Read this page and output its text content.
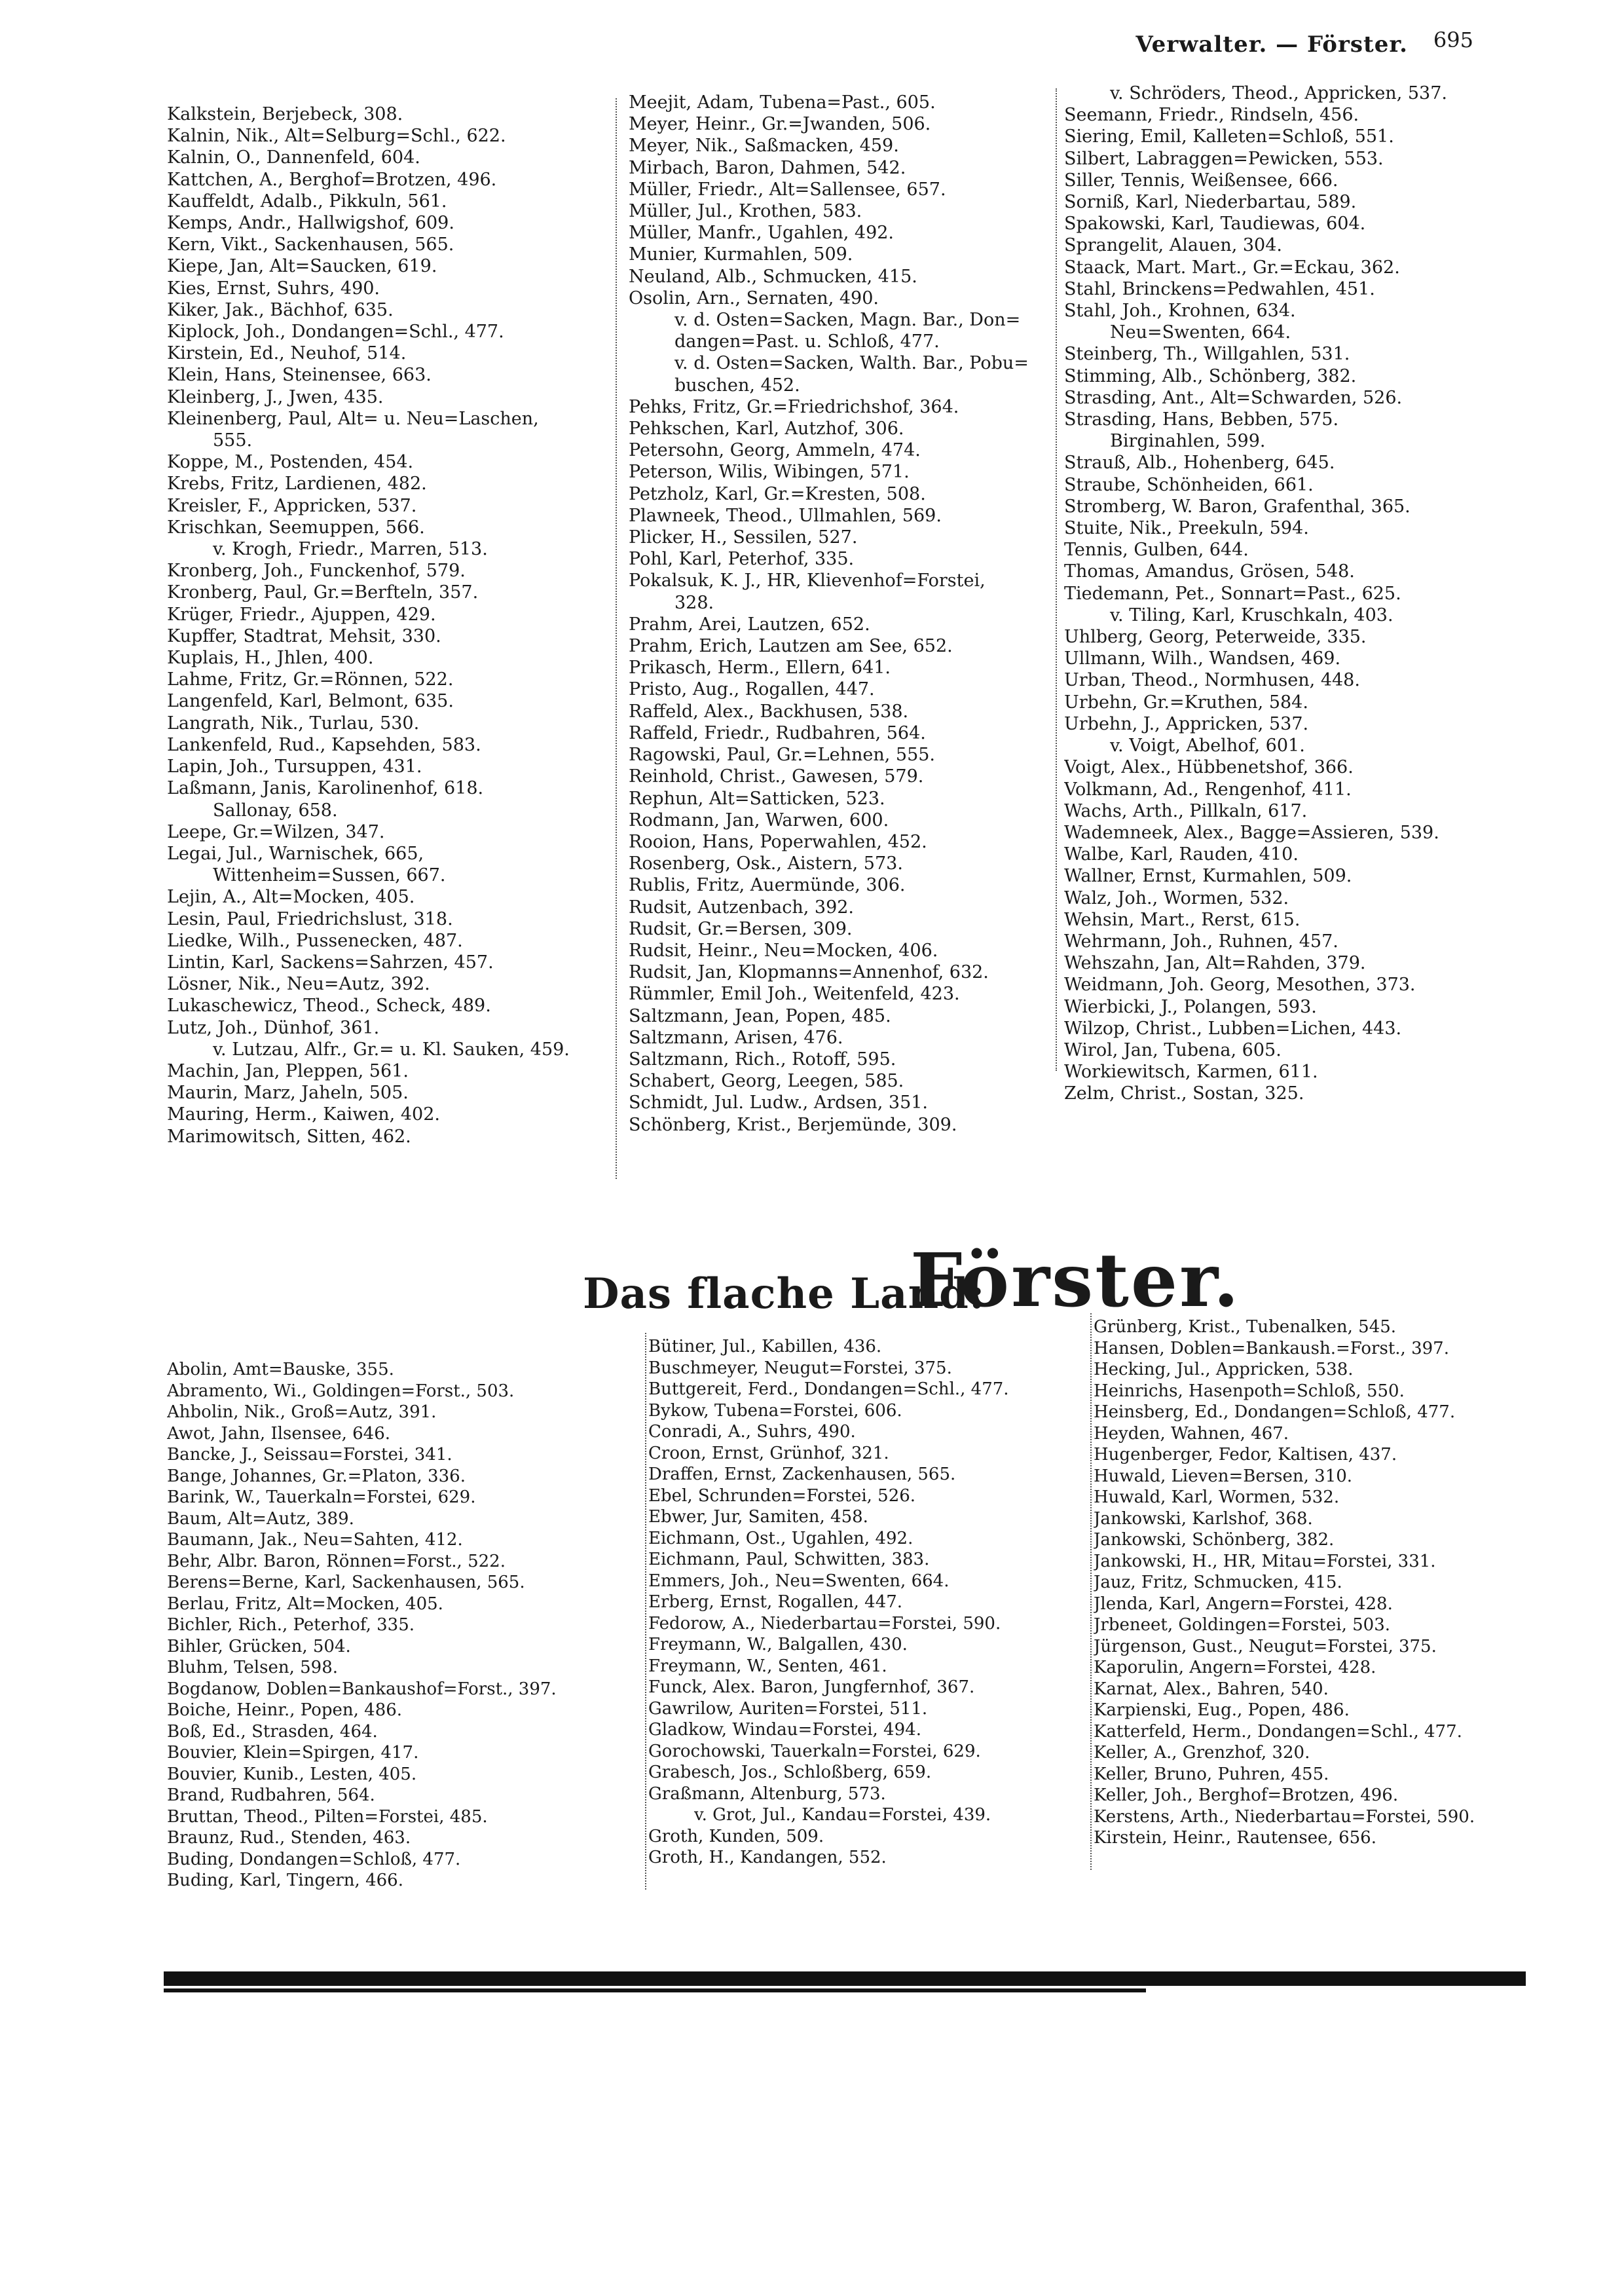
Verwalter. — Förster. 695
Kalkstein, Berjebeck, 308.
Kalnin, Nik., Alt=Selburg=Schl., 622.
Kalnin, O., Dannenfeld, 604.
Kattchen, A., Berghof=Brotzen, 496.
Kauffeldt, Adalb., Pikkuln, 561.
Kemps, Andr., Hallwigshof, 609.
Kern, Vikt., Sackenhausen, 565.
Kiepe, Jan, Alt=Saucken, 619.
Kies, Ernst, Suhrs, 490.
Kiker, Jak., Bächhof, 635.
Kiplock, Joh., Dondangen=Schl., 477.
Kirstein, Ed., Neuhof, 514.
Klein, Hans, Steinensee, 663.
Kleinberg, J., Jwen, 435.
Kleinenberg, Paul, Alt= u. Neu=Laschen,
555.
Koppe, M., Postenden, 454.
Krebs, Fritz, Lardienen, 482.
Kreisler, F., Appricken, 537.
Krischkan, Seemuppen, 566.
v. Krogh, Friedr., Marren, 513.
Kronberg, Joh., Funckenhof, 579.
Kronberg, Paul, Gr.=Berfteln, 357.
Krüger, Friedr., Ajuppen, 429.
Kupffer, Stadtrat, Mehsit, 330.
Kuplais, H., Jhlen, 400.
Lahme, Fritz, Gr.=Rönnen, 522.
Langenfeld, Karl, Belmont, 635.
Langrath, Nik., Turlau, 530.
Lankenfeld, Rud., Kapsehden, 583.
Lapin, Joh., Tursuppen, 431.
Laßmann, Janis, Karolinenhof, 618.
Sallonay, 658.
Leepe, Gr.=Wilzen, 347.
Legai, Jul., Warnischek, 665,
Wittenheim=Sussen, 667.
Lejin, A., Alt=Mocken, 405.
Lesin, Paul, Friedrichslust, 318.
Liedke, Wilh., Pussenecken, 487.
Lintin, Karl, Sackens=Sahrzen, 457.
Lösner, Nik., Neu=Autz, 392.
Lukaschewicz, Theod., Scheck, 489.
Lutz, Joh., Dünhof, 361.
v. Lutzau, Alfr., Gr.= u. Kl. Sauken, 459.
Machin, Jan, Pleppen, 561.
Maurin, Marz, Jaheln, 505.
Mauring, Herm., Kaiwen, 402.
Marimowitsch, Sitten, 462.
Meejit, Adam, Tubena=Past., 605.
Meyer, Heinr., Gr.=Jwanden, 506.
Meyer, Nik., Saßmacken, 459.
Mirbach, Baron, Dahmen, 542.
Müller, Friedr., Alt=Sallensee, 657.
Müller, Jul., Krothen, 583.
Müller, Manfr., Ugahlen, 492.
Munier, Kurmahlen, 509.
Neuland, Alb., Schmucken, 415.
Osolin, Arn., Sernaten, 490.
v. d. Osten=Sacken, Magn. Bar., Don=
dangen=Past. u. Schloß, 477.
v. d. Osten=Sacken, Walth. Bar., Pobu=
buschen, 452.
Pehks, Fritz, Gr.=Friedrichshof, 364.
Pehkschen, Karl, Autzhof, 306.
Petersohn, Georg, Ammeln, 474.
Peterson, Wilis, Wibingen, 571.
Petzholz, Karl, Gr.=Kresten, 508.
Plawneek, Theod., Ullmahlen, 569.
Plicker, H., Sessilen, 527.
Pohl, Karl, Peterhof, 335.
Pokalsuk, K. J., HR, Klievenhof=Forstei,
328.
Prahm, Arei, Lautzen, 652.
Prahm, Erich, Lautzen am See, 652.
Prikasch, Herm., Ellern, 641.
Pristo, Aug., Rogallen, 447.
Raffeld, Alex., Backhusen, 538.
Raffeld, Friedr., Rudbahren, 564.
Ragowski, Paul, Gr.=Lehnen, 555.
Reinhold, Christ., Gawesen, 579.
Rephun, Alt=Satticken, 523.
Rodmann, Jan, Warwen, 600.
Rooion, Hans, Poperwahlen, 452.
Rosenberg, Osk., Aistern, 573.
Rublis, Fritz, Auermünde, 306.
Rudsit, Autzenbach, 392.
Rudsit, Gr.=Bersen, 309.
Rudsit, Heinr., Neu=Mocken, 406.
Rudsit, Jan, Klopmanns=Annenhof, 632.
Rümmler, Emil Joh., Weitenfeld, 423.
Saltzmann, Jean, Popen, 485.
Saltzmann, Arisen, 476.
Saltzmann, Rich., Rotoff, 595.
Schabert, Georg, Leegen, 585.
Schmidt, Jul. Ludw., Ardsen, 351.
Schönberg, Krist., Berjemünde, 309.
v. Schröders, Theod., Appricken, 537.
Seemann, Friedr., Rindseln, 456.
Siering, Emil, Kalleten=Schloß, 551.
Silbert, Labraggen=Pewicken, 553.
Siller, Tennis, Weißensee, 666.
Sorniß, Karl, Niederbartau, 589.
Spakowski, Karl, Taudiewas, 604.
Sprangelit, Alauen, 304.
Staack, Mart. Mart., Gr.=Eckau, 362.
Stahl, Brinckens=Pedwahlen, 451.
Stahl, Joh., Krohnen, 634.
Neu=Swenten, 664.
Steinberg, Th., Willgahlen, 531.
Stimming, Alb., Schönberg, 382.
Strasding, Ant., Alt=Schwarden, 526.
Strasding, Hans, Bebben, 575.
Birginahlen, 599.
Strauß, Alb., Hohenberg, 645.
Straube, Schönheiden, 661.
Stromberg, W. Baron, Grafenthal, 365.
Stuite, Nik., Preekuln, 594.
Tennis, Gulben, 644.
Thomas, Amandus, Grösen, 548.
Tiedemann, Pet., Sonnart=Past., 625.
v. Tiling, Karl, Kruschkaln, 403.
Uhlberg, Georg, Peterweide, 335.
Ullmann, Wilh., Wandsen, 469.
Urban, Theod., Normhusen, 448.
Urbehn, Gr.=Kruthen, 584.
Urbehn, J., Appricken, 537.
v. Voigt, Abelhof, 601.
Voigt, Alex., Hübbenetshof, 366.
Volkmann, Ad., Rengenhof, 411.
Wachs, Arth., Pillkaln, 617.
Wademneek, Alex., Bagge=Assieren, 539.
Walbe, Karl, Rauden, 410.
Wallner, Ernst, Kurmahlen, 509.
Walz, Joh., Wormen, 532.
Wehsin, Mart., Rerst, 615.
Wehrmann, Joh., Ruhnen, 457.
Wehszahn, Jan, Alt=Rahden, 379.
Weidmann, Joh. Georg, Mesothen, 373.
Wierbicki, J., Polangen, 593.
Wilzop, Christ., Lubben=Lichen, 443.
Wirol, Jan, Tubena, 605.
Workiewitsch, Karmen, 611.
Zelm, Christ., Sostan, 325.
Das flache Land:
Förster.
Abolin, Amt=Bauske, 355.
Abramento, Wi., Goldingen=Forst., 503.
Ahbolin, Nik., Groß=Autz, 391.
Awot, Jahn, Ilsensee, 646.
Bancke, J., Seissau=Forstei, 341.
Bange, Johannes, Gr.=Platon, 336.
Barink, W., Tauerkaln=Forstei, 629.
Baum, Alt=Autz, 389.
Baumann, Jak., Neu=Sahten, 412.
Behr, Albr. Baron, Rönnen=Forst., 522.
Berens=Berne, Karl, Sackenhausen, 565.
Berlau, Fritz, Alt=Mocken, 405.
Bichler, Rich., Peterhof, 335.
Bihler, Grücken, 504.
Bluhm, Telsen, 598.
Bogdanow, Doblen=Bankaushof=Forst., 397.
Boiche, Heinr., Popen, 486.
Boß, Ed., Strasden, 464.
Bouvier, Klein=Spirgen, 417.
Bouvier, Kunib., Lesten, 405.
Brand, Rudbahren, 564.
Bruttan, Theod., Pilten=Forstei, 485.
Braunz, Rud., Stenden, 463.
Buding, Dondangen=Schloß, 477.
Buding, Karl, Tingern, 466.
Bütiner, Jul., Kabillen, 436.
Buschmeyer, Neugut=Forstei, 375.
Buttgereit, Ferd., Dondangen=Schl., 477.
Bykow, Tubena=Forstei, 606.
Conradi, A., Suhrs, 490.
Croon, Ernst, Grünhof, 321.
Draffen, Ernst, Zackenhausen, 565.
Ebel, Schrunden=Forstei, 526.
Ebwer, Jur, Samiten, 458.
Eichmann, Ost., Ugahlen, 492.
Eichmann, Paul, Schwitten, 383.
Emmers, Joh., Neu=Swenten, 664.
Erberg, Ernst, Rogallen, 447.
Fedorow, A., Niederbartau=Forstei, 590.
Freymann, W., Balgallen, 430.
Freymann, W., Senten, 461.
Funck, Alex. Baron, Jungfernhof, 367.
Gawrilow, Auriten=Forstei, 511.
Gladkow, Windau=Forstei, 494.
Gorochowski, Tauerkaln=Forstei, 629.
Grabesch, Jos., Schloßberg, 659.
Graßmann, Altenburg, 573.
v. Grot, Jul., Kandau=Forstei, 439.
Groth, Kunden, 509.
Groth, H., Kandangen, 552.
Grünberg, Krist., Tubenalken, 545.
Hansen, Doblen=Bankaush.=Forst., 397.
Hecking, Jul., Appricken, 538.
Heinrichs, Hasenpoth=Schloß, 550.
Heinsberg, Ed., Dondangen=Schloß, 477.
Heyden, Wahnen, 467.
Hugenberger, Fedor, Kaltisen, 437.
Huwald, Lieven=Bersen, 310.
Huwald, Karl, Wormen, 532.
Jankowski, Karlshof, 368.
Jankowski, Schönberg, 382.
Jankowski, H., HR, Mitau=Forstei, 331.
Jauz, Fritz, Schmucken, 415.
Jlenda, Karl, Angern=Forstei, 428.
Jrbeneet, Goldingen=Forstei, 503.
Jürgenson, Gust., Neugut=Forstei, 375.
Kaporulin, Angern=Forstei, 428.
Karnat, Alex., Bahren, 540.
Karpienski, Eug., Popen, 486.
Katterfeld, Herm., Dondangen=Schl., 477.
Keller, A., Grenzhof, 320.
Keller, Bruno, Puhren, 455.
Keller, Joh., Berghof=Brotzen, 496.
Kerstens, Arth., Niederbartau=Forstei, 590.
Kirstein, Heinr., Rautensee, 656.
